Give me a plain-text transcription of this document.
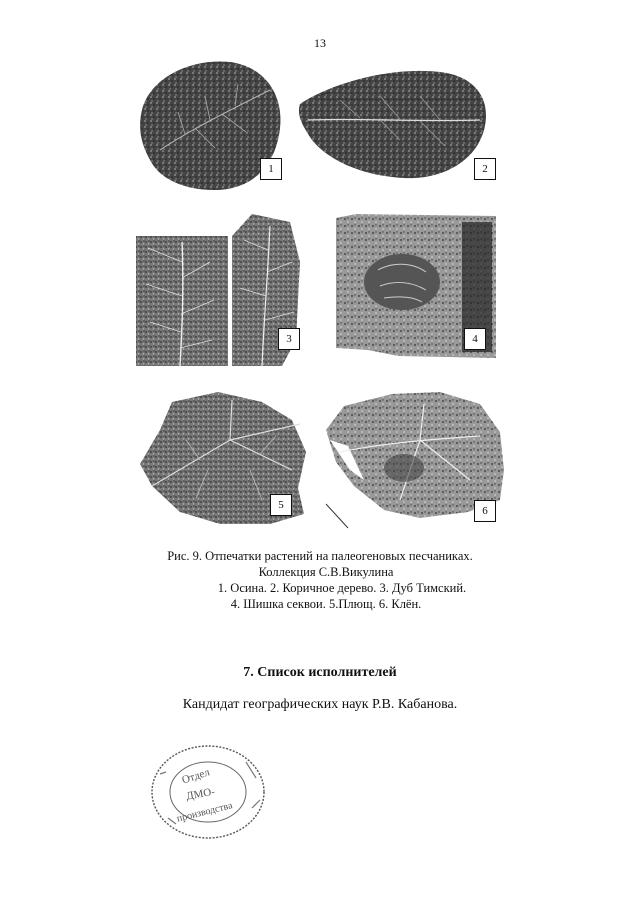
13
1	2
3	4
5	6
Рис. 9. Отпечатки растений на палеогеновых песчаниках.
Коллекция С.В.Викулина
1. Осина. 2. Коричное дерево. 3. Дуб Тимский.
4. Шишка секвои. 5.Плющ. 6. Клён.
7. Список исполнителей
Кандидат географических наук Р.В. Кабанова.
Отдел
ДМО-
производства
